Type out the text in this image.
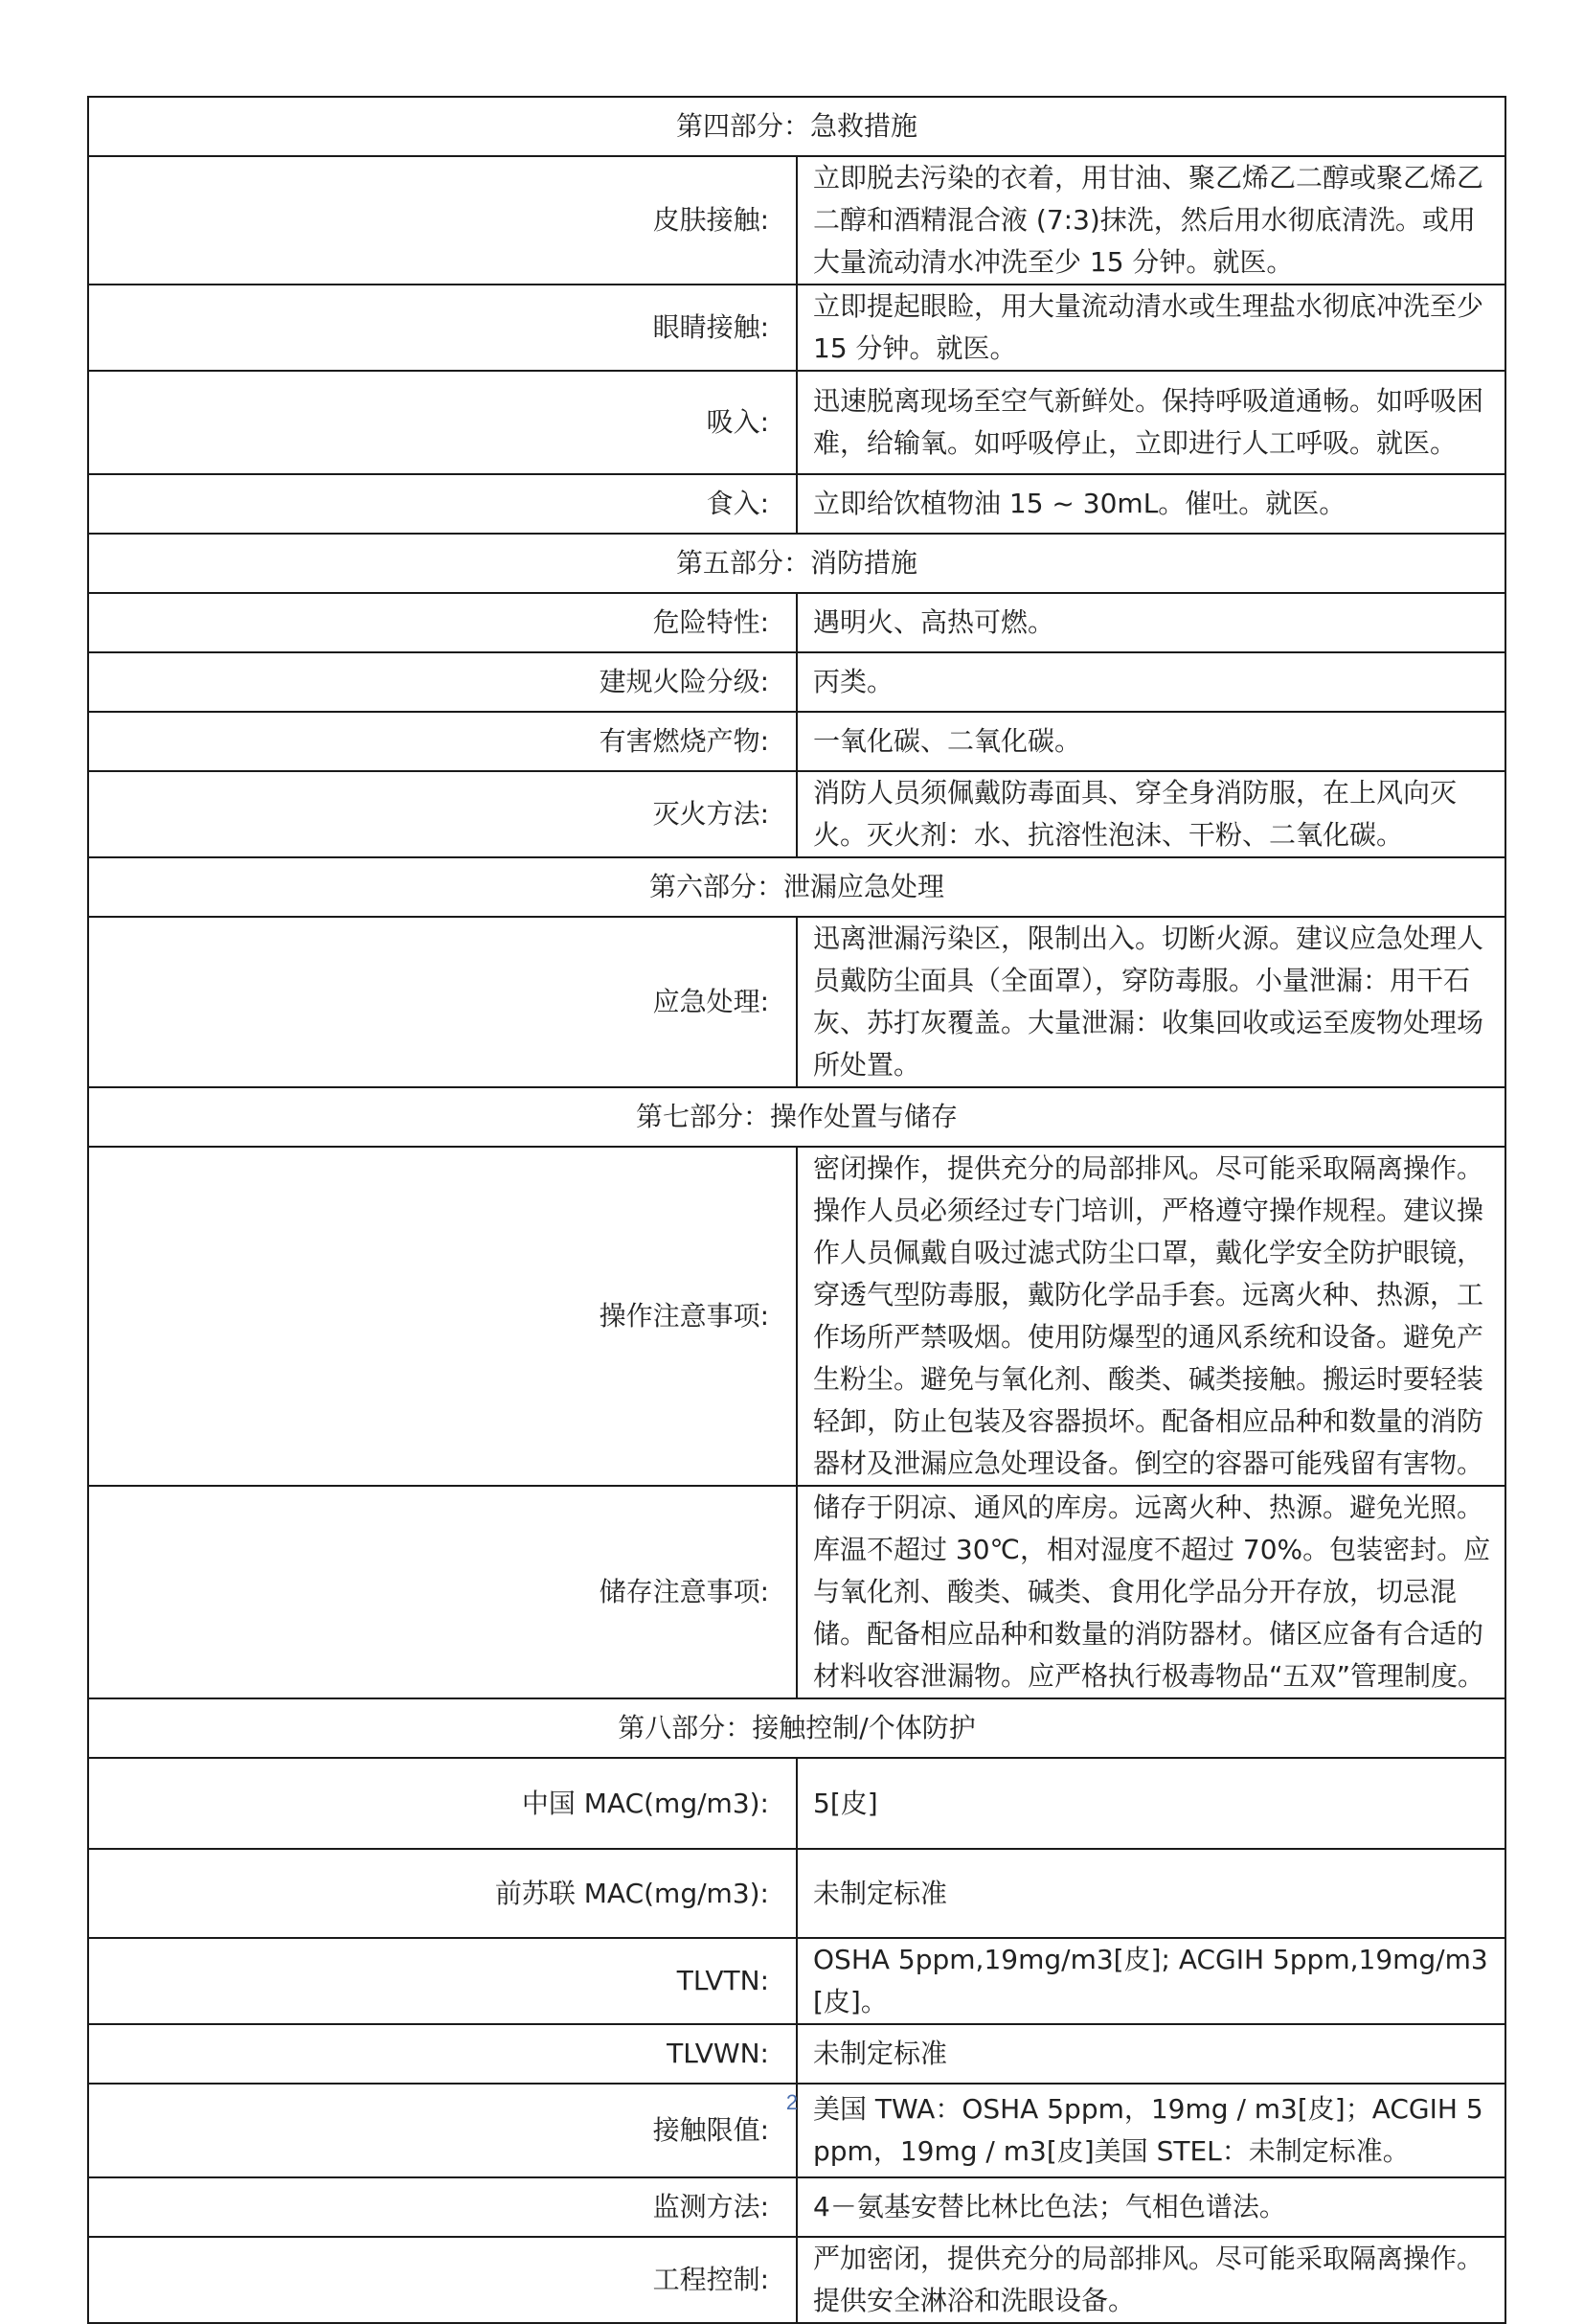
第四部分：急救措施	
皮肤接触:	立即脱去污染的衣着，用甘油、聚乙烯乙二醇或聚乙烯乙二醇和酒精混合液 (7:3)抹洗，然后用水彻底清洗。或用大量流动清水冲洗至少 15 分钟。就医。
眼睛接触:	立即提起眼睑，用大量流动清水或生理盐水彻底冲洗至少 15 分钟。就医。
吸入:	迅速脱离现场至空气新鲜处。保持呼吸道通畅。如呼吸困难，给输氧。如呼吸停止，立即进行人工呼吸。就医。
食入:	立即给饮植物油 15 ~ 30mL。催吐。就医。
第五部分：消防措施	
危险特性:	遇明火、高热可燃。
建规火险分级:	丙类。
有害燃烧产物:	一氧化碳、二氧化碳。
灭火方法:	消防人员须佩戴防毒面具、穿全身消防服，在上风向灭火。灭火剂：水、抗溶性泡沫、干粉、二氧化碳。
第六部分：泄漏应急处理	
应急处理:	迅离泄漏污染区，限制出入。切断火源。建议应急处理人员戴防尘面具（全面罩），穿防毒服。小量泄漏：用干石灰、苏打灰覆盖。大量泄漏：收集回收或运至废物处理场所处置。
第七部分：操作处置与储存	
操作注意事项:	密闭操作，提供充分的局部排风。尽可能采取隔离操作。操作人员必须经过专门培训，严格遵守操作规程。建议操作人员佩戴自吸过滤式防尘口罩，戴化学安全防护眼镜，穿透气型防毒服，戴防化学品手套。远离火种、热源，工作场所严禁吸烟。使用防爆型的通风系统和设备。避免产生粉尘。避免与氧化剂、酸类、碱类接触。搬运时要轻装轻卸，防止包装及容器损坏。配备相应品种和数量的消防器材及泄漏应急处理设备。倒空的容器可能残留有害物。
储存注意事项:	储存于阴凉、通风的库房。远离火种、热源。避免光照。库温不超过 30℃，相对湿度不超过 70%。包装密封。应与氧化剂、酸类、碱类、食用化学品分开存放，切忌混储。配备相应品种和数量的消防器材。储区应备有合适的材料收容泄漏物。应严格执行极毒物品“五双”管理制度。
第八部分：接触控制/个体防护	
中国 MAC(mg/m3):	5[皮]
前苏联 MAC(mg/m3):	未制定标准
TLVTN:	OSHA 5ppm,19mg/m3[皮]; ACGIH 5ppm,19mg/m3[皮]。
TLVWN:	未制定标准
接触限值:	美国 TWA：OSHA 5ppm，19mg / m3[皮]；ACGIH 5ppm，19mg / m3[皮]美国 STEL：未制定标准。
监测方法:	4－氨基安替比林比色法；气相色谱法。
工程控制:	严加密闭，提供充分的局部排风。尽可能采取隔离操作。提供安全淋浴和洗眼设备。
2
